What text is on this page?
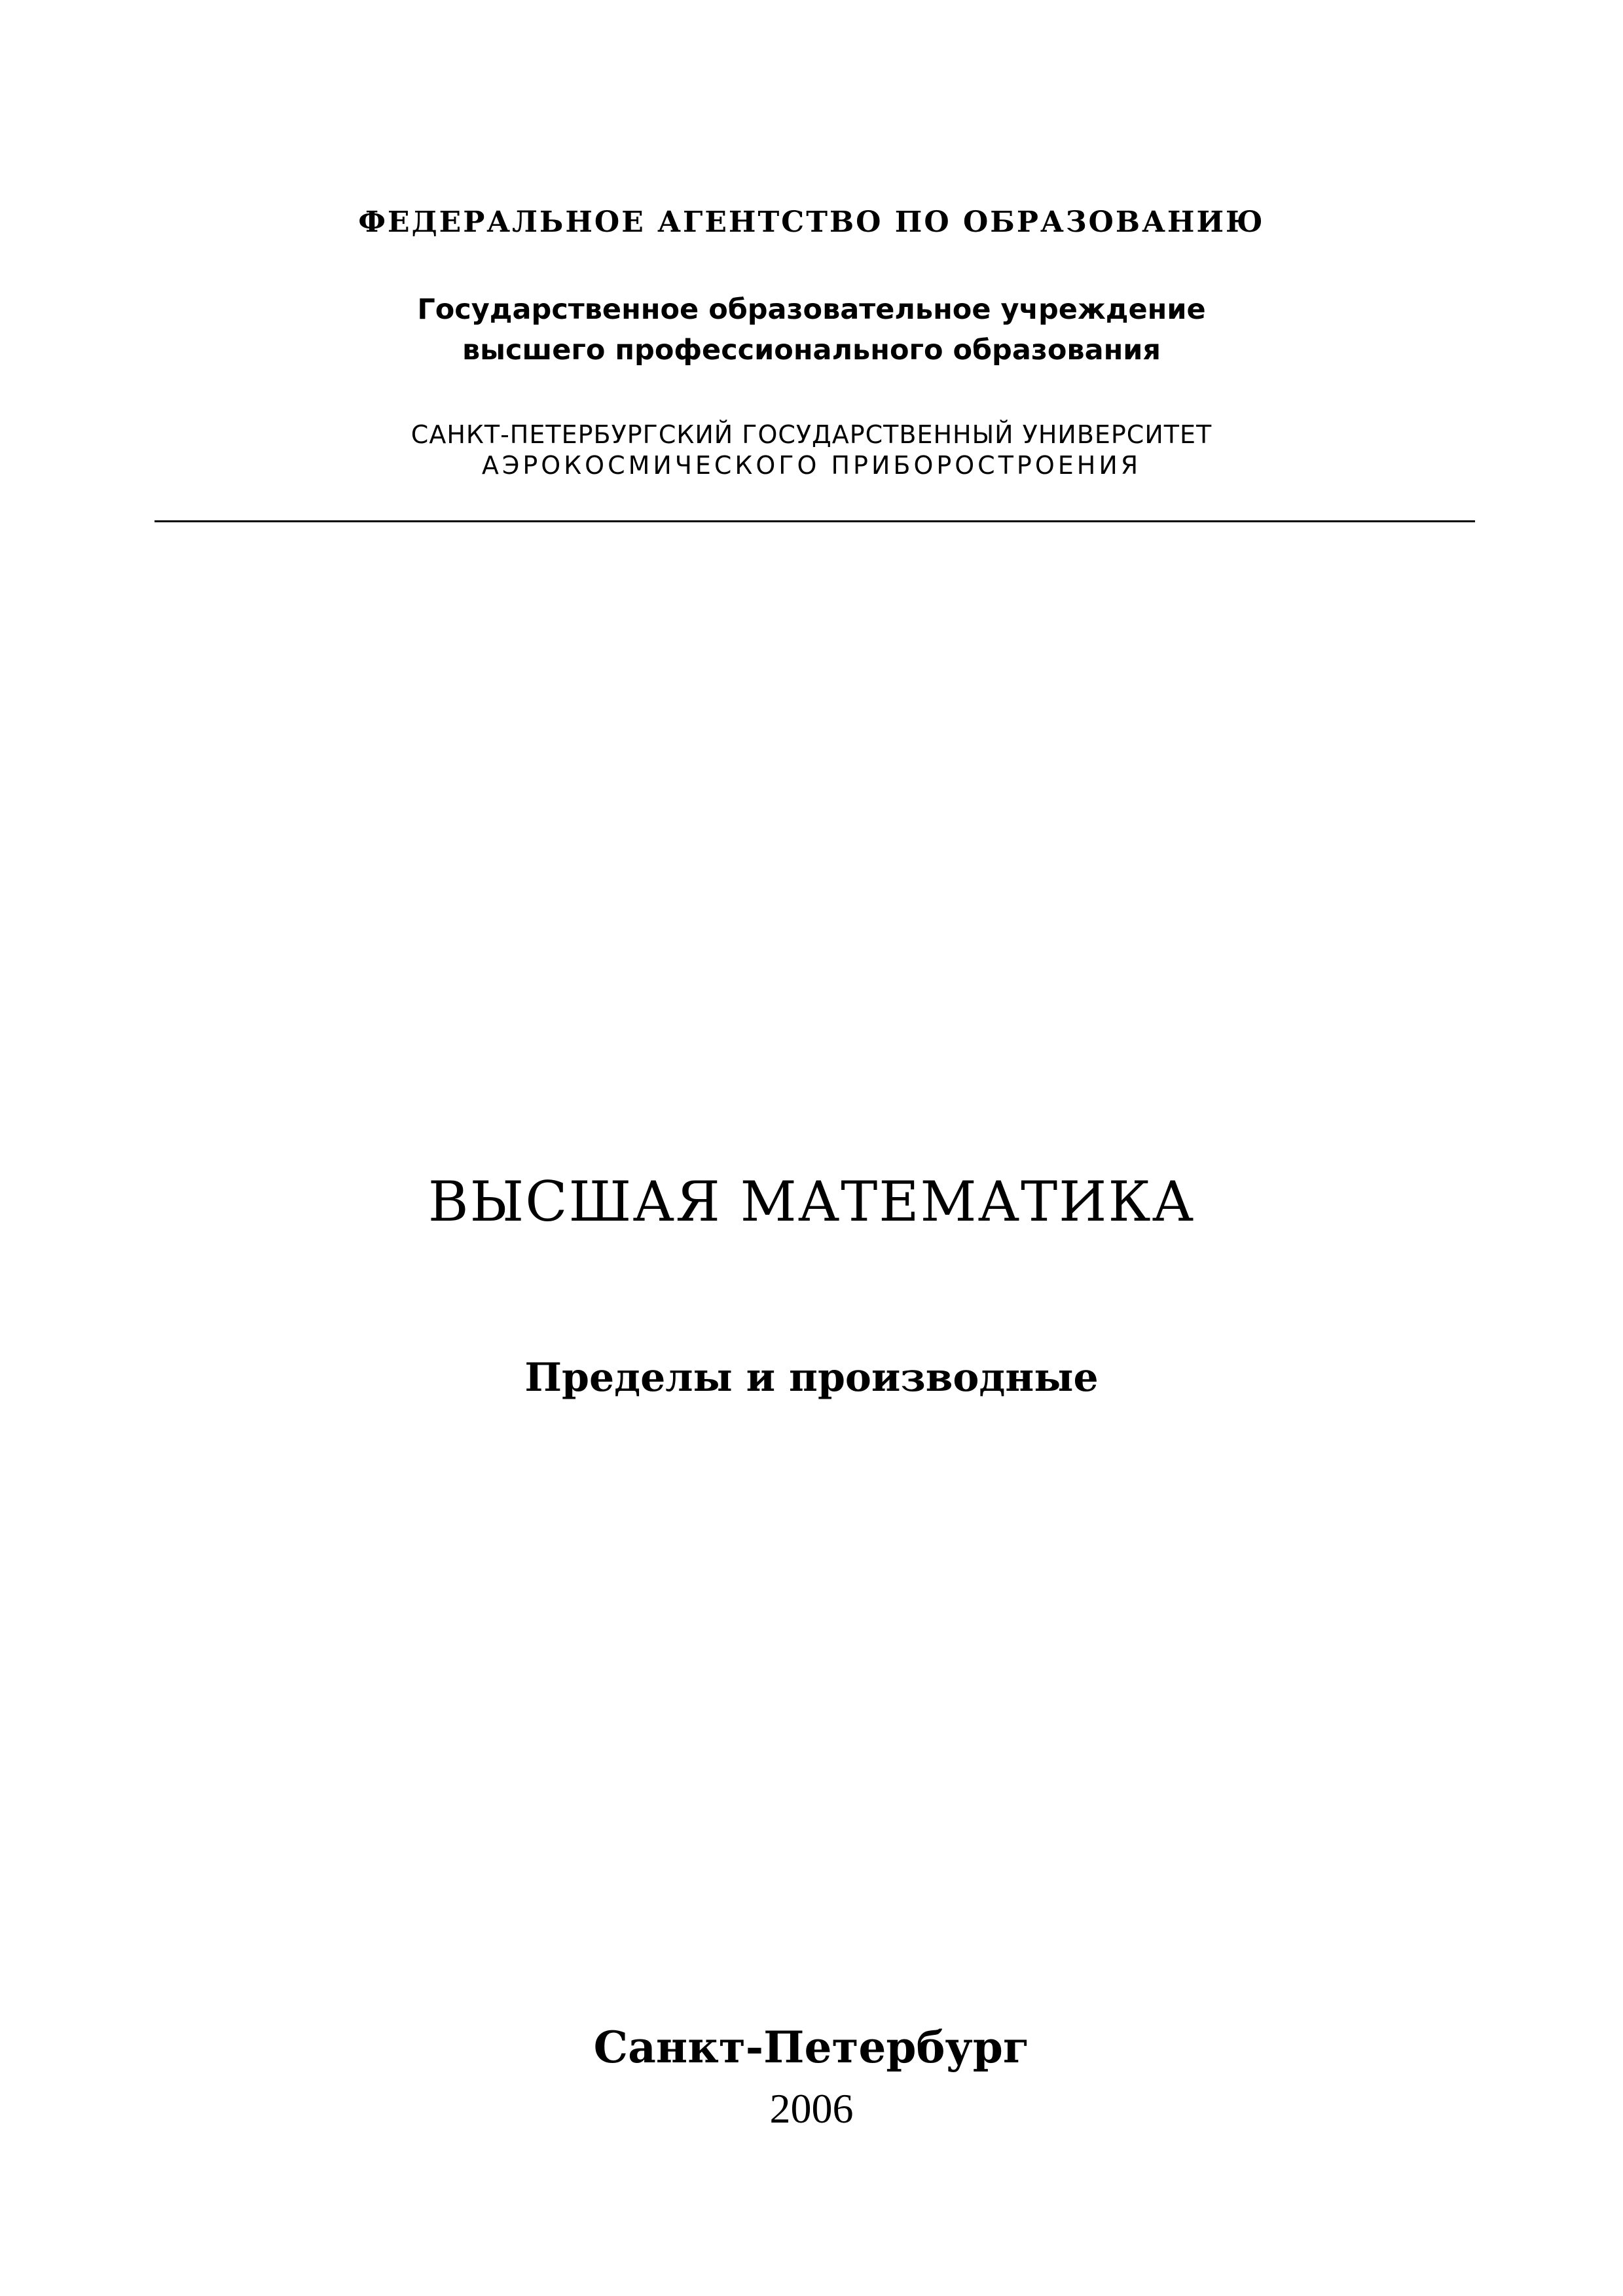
ФЕДЕРАЛЬНОЕ АГЕНТСТВО ПО ОБРАЗОВАНИЮ
Государственное образовательное учреждение
высшего профессионального образования
САНКТ-ПЕТЕРБУРГСКИЙ ГОСУДАРСТВЕННЫЙ УНИВЕРСИТЕТ
АЭРОКОСМИЧЕСКОГО ПРИБОРОСТРОЕНИЯ
ВЫСШАЯ МАТЕМАТИКА
Пределы и производные
Санкт-Петербург
2006
